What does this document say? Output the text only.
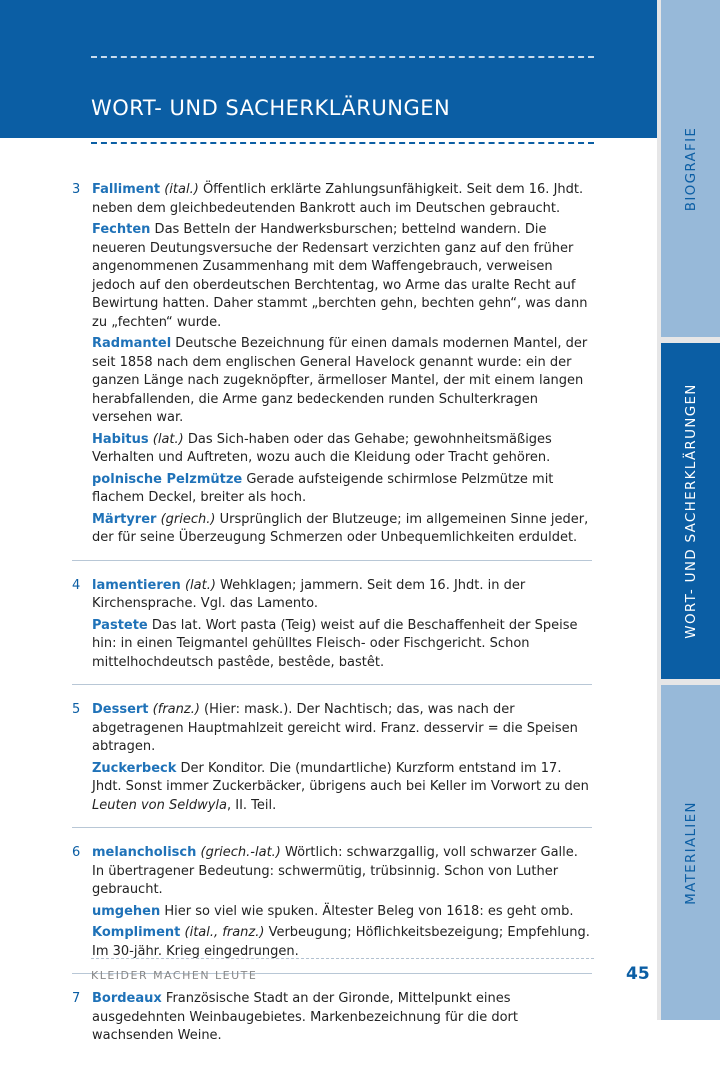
WORT- UND SACHERKLÄRUNGEN
BIOGRAFIE
WORT- UND SACHERKLÄRUNGEN
MATERIALIEN
3 Falliment (ital.) Öffentlich erklärte Zahlungsunfähigkeit. Seit dem 16. Jhdt. neben dem gleichbedeutenden Bankrott auch im Deutschen gebraucht.

Fechten Das Betteln der Handwerksburschen; bettelnd wandern. Die neueren Deutungsversuche der Redensart verzichten ganz auf den früher angenommenen Zusammenhang mit dem Waffengebrauch, verweisen jedoch auf den oberdeutschen Berchtentag, wo Arme das uralte Recht auf Bewirtung hatten. Daher stammt „berchten gehn, bechten gehn“, was dann zu „fechten“ wurde.

Radmantel Deutsche Bezeichnung für einen damals modernen Mantel, der seit 1858 nach dem englischen General Havelock genannt wurde: ein der ganzen Länge nach zugeknöpfter, ärmelloser Mantel, der mit einem langen herabfallenden, die Arme ganz bedeckenden runden Schulterkragen versehen war.

Habitus (lat.) Das Sich-haben oder das Gehabe; gewohnheitsmäßiges Verhalten und Auftreten, wozu auch die Kleidung oder Tracht gehören.

polnische Pelzmütze Gerade aufsteigende schirmlose Pelzmütze mit flachem Deckel, breiter als hoch.

Märtyrer (griech.) Ursprünglich der Blutzeuge; im allgemeinen Sinne jeder, der für seine Überzeugung Schmerzen oder Unbequemlichkeiten erduldet.

4 lamentieren (lat.) Wehklagen; jammern. Seit dem 16. Jhdt. in der Kirchensprache. Vgl. das Lamento.

Pastete Das lat. Wort pasta (Teig) weist auf die Beschaffenheit der Speise hin: in einen Teigmantel gehülltes Fleisch- oder Fischgericht. Schon mittelhochdeutsch pastêde, bestêde, bastêt.

5 Dessert (franz.) (Hier: mask.). Der Nachtisch; das, was nach der abgetragenen Hauptmahlzeit gereicht wird. Franz. desservir = die Speisen abtragen.

Zuckerbeck Der Konditor. Die (mundartliche) Kurzform entstand im 17. Jhdt. Sonst immer Zuckerbäcker, übrigens auch bei Keller im Vorwort zu den Leuten von Seldwyla, II. Teil.

6 melancholisch (griech.-lat.) Wörtlich: schwarzgallig, voll schwarzer Galle. In übertragener Bedeutung: schwermütig, trübsinnig. Schon von Luther gebraucht.

umgehen Hier so viel wie spuken. Ältester Beleg von 1618: es geht omb.

Kompliment (ital., franz.) Verbeugung; Höflichkeitsbezeigung; Empfehlung. Im 30-jähr. Krieg eingedrungen.

7 Bordeaux Französische Stadt an der Gironde, Mittelpunkt eines ausgedehnten Weinbaugebietes. Markenbezeichnung für die dort wachsenden Weine.

KLEIDER MACHEN LEUTE	45
